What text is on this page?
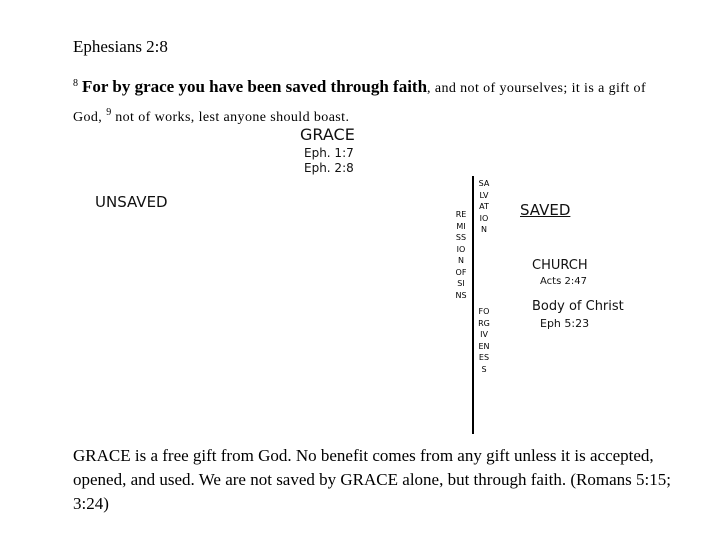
Ephesians 2:8
$^8$ For by grace you have been saved through faith, and not of yourselves; it is a gift of God, $^9$ not of works, lest anyone should boast.
GRACE
Eph. 1:7
Eph. 2:8
UNSAVED
REMISSION  OF  SINS
SALVATION
FORGIVENESS
SAVED
CHURCH
Acts 2:47
Body of Christ
Eph 5:23
GRACE is a free gift from God. No benefit comes from any gift unless it is accepted, opened, and used. We are not saved by GRACE alone, but through faith. (Romans 5:15; 3:24)
